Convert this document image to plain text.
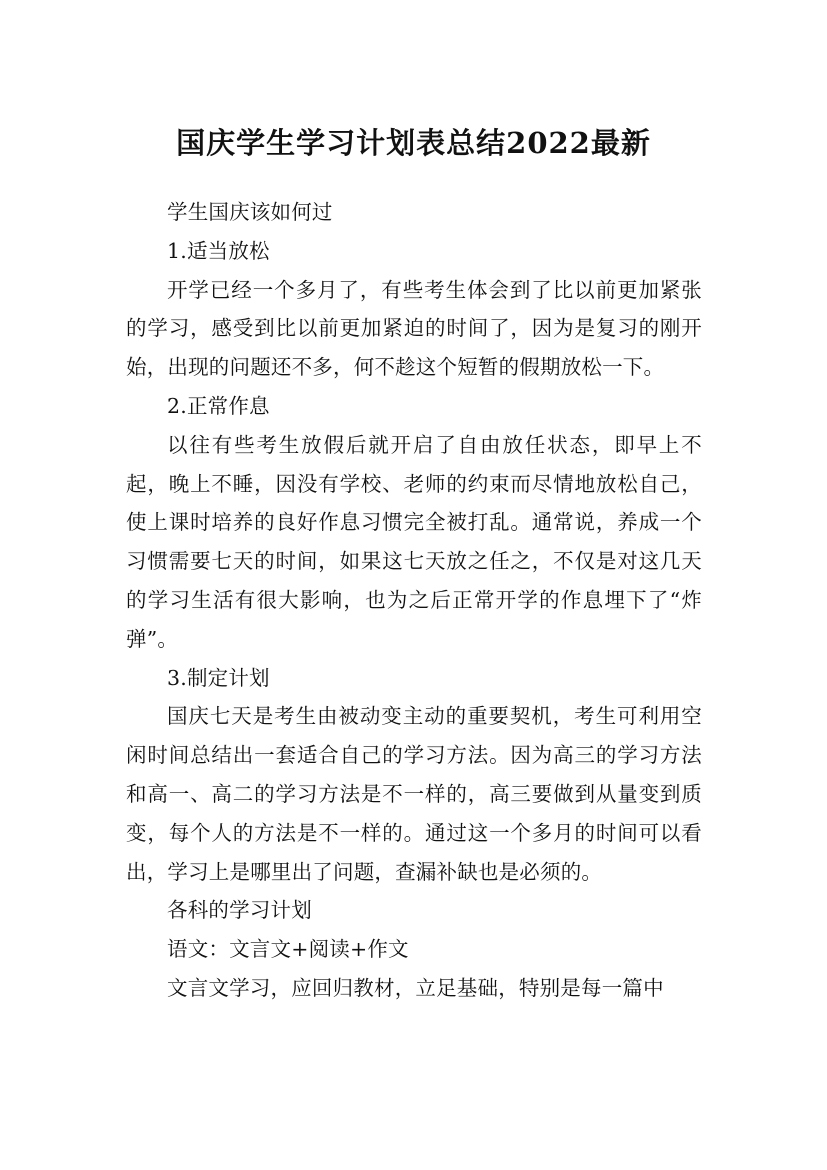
国庆学生学习计划表总结2022最新

学生国庆该如何过

1.适当放松

开学已经一个多月了，有些考生体会到了比以前更加紧张的学习，感受到比以前更加紧迫的时间了，因为是复习的刚开始，出现的问题还不多，何不趁这个短暂的假期放松一下。

2.正常作息

以往有些考生放假后就开启了自由放任状态，即早上不起，晚上不睡，因没有学校、老师的约束而尽情地放松自己，使上课时培养的良好作息习惯完全被打乱。通常说，养成一个习惯需要七天的时间，如果这七天放之任之，不仅是对这几天的学习生活有很大影响，也为之后正常开学的作息埋下了“炸弹”。

3.制定计划

国庆七天是考生由被动变主动的重要契机，考生可利用空闲时间总结出一套适合自己的学习方法。因为高三的学习方法和高一、高二的学习方法是不一样的，高三要做到从量变到质变，每个人的方法是不一样的。通过这一个多月的时间可以看出，学习上是哪里出了问题，查漏补缺也是必须的。

各科的学习计划

语文：文言文+阅读+作文

文言文学习，应回归教材，立足基础，特别是每一篇中
